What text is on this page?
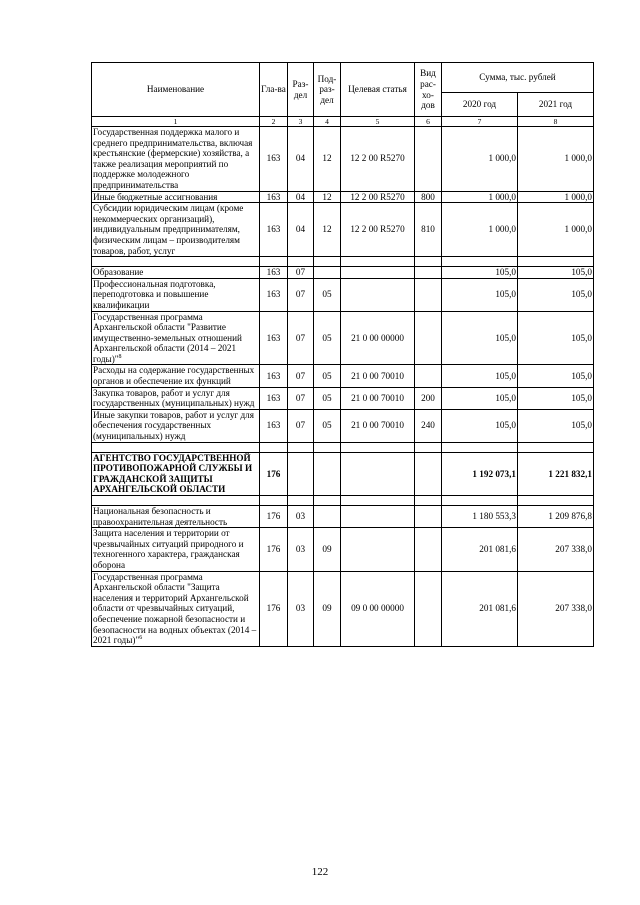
Наименование	Гла-ва	Раз-дел	Под-раз-дел	Целевая статья	Вид рас-хо-дов	Сумма, тыс. рублей	
						2020 год	2021 год
1	2	3	4	5	6	7	8
Государственная поддержка малого и среднего предпринимательства, включая крестьянские (фермерские) хозяйства, а также реализация мероприятий по поддержке молодежного предпринимательства	163	04	12	12 2 00 R5270		1 000,0	1 000,0
Иные бюджетные ассигнования	163	04	12	12 2 00 R5270	800	1 000,0	1 000,0
Субсидии юридическим лицам (кроме некоммерческих организаций), индивидуальным предпринимателям, физическим лицам – производителям товаров, работ, услуг	163	04	12	12 2 00 R5270	810	1 000,0	1 000,0

Образование	163	07				105,0	105,0
Профессиональная подготовка, переподготовка и повышение квалификации	163	07	05			105,0	105,0
Государственная программа Архангельской области "Развитие имущественно-земельных отношений Архангельской области (2014 – 2021 годы)"$^8$	163	07	05	21 0 00 00000		105,0	105,0
Расходы на содержание государственных органов и обеспечение их функций	163	07	05	21 0 00 70010		105,0	105,0
Закупка товаров, работ и услуг для государственных (муниципальных) нужд	163	07	05	21 0 00 70010	200	105,0	105,0
Иные закупки товаров, работ и услуг для обеспечения государственных (муниципальных) нужд	163	07	05	21 0 00 70010	240	105,0	105,0

АГЕНТСТВО ГОСУДАРСТВЕННОЙ ПРОТИВОПОЖАРНОЙ СЛУЖБЫ И ГРАЖДАНСКОЙ ЗАЩИТЫ АРХАНГЕЛЬСКОЙ ОБЛАСТИ	176					1 192 073,1	1 221 832,1

Национальная безопасность и правоохранительная деятельность	176	03				1 180 553,3	1 209 876,8
Защита населения и территории от чрезвычайных ситуаций природного и техногенного характера, гражданская оборона	176	03	09			201 081,6	207 338,0
Государственная программа Архангельской области "Защита населения и территорий Архангельской области от чрезвычайных ситуаций, обеспечение пожарной безопасности и безопасности на водных объектах (2014 – 2021 годы)"$^6$	176	03	09	09 0 00 00000		201 081,6	207 338,0
122
